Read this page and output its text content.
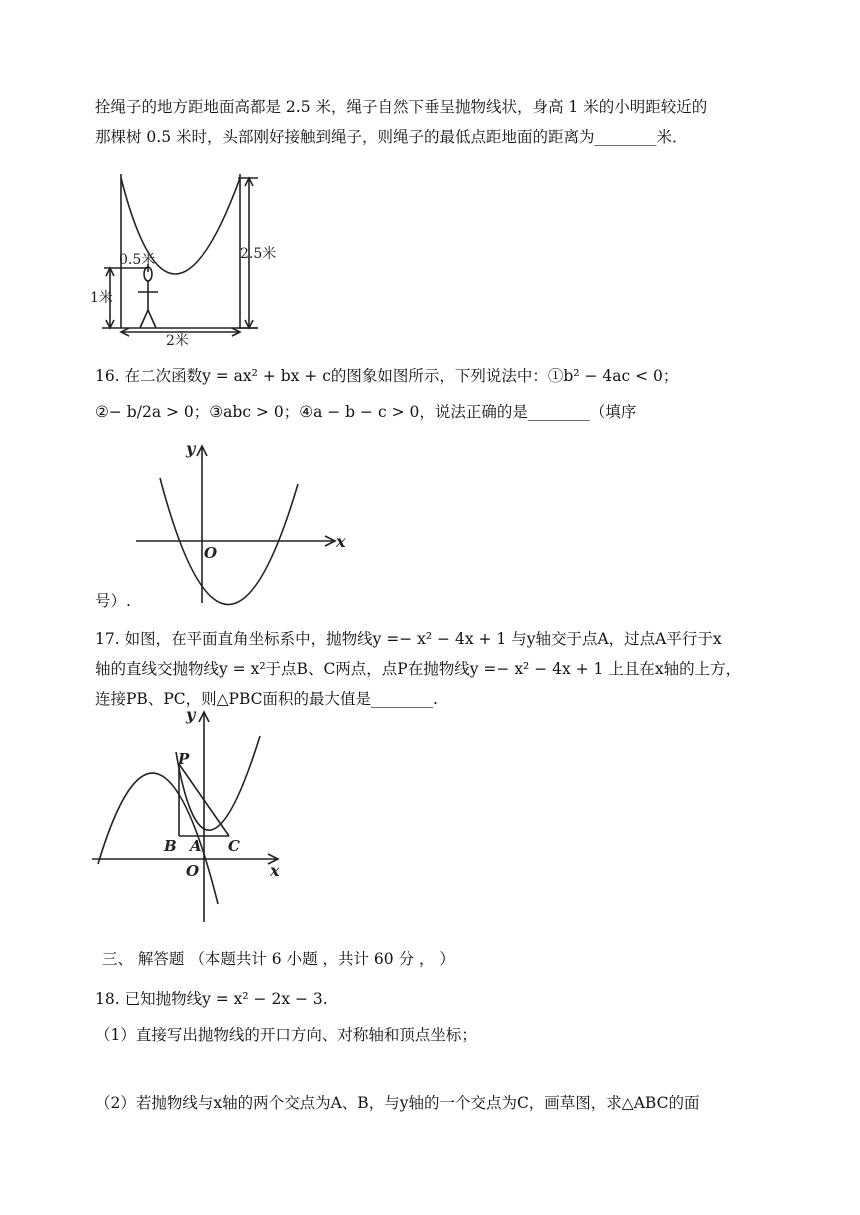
拴绳子的地方距地面高都是 2.5 米，绳子自然下垂呈抛物线状，身高 1 米的小明距较近的
那棵树 0.5 米时，头部刚好接触到绳子，则绳子的最低点距地面的距离为________米．
0.5米
1米
2.5米
2米
16. 在二次函数y = ax² + bx + c的图象如图所示，下列说法中：①b² − 4ac < 0；
②− b/2a > 0；③abc > 0；④a − b − c > 0，说法正确的是________（填序
y
x
O
号）.
17. 如图，在平面直角坐标系中，抛物线y =− x² − 4x + 1 与y轴交于点A，过点A平行于x
轴的直线交抛物线y = x²于点B、C两点，点P在抛物线y =− x² − 4x + 1 上且在x轴的上方，
连接PB、PC，则△PBC面积的最大值是________.
P
B A C
O
y
x
三、 解答题 （本题共计 6 小题 ，共计 60 分 ， ）
18. 已知抛物线y = x² − 2x − 3.
（1）直接写出抛物线的开口方向、对称轴和顶点坐标；
（2）若抛物线与x轴的两个交点为A、B，与y轴的一个交点为C，画草图，求△ABC的面
